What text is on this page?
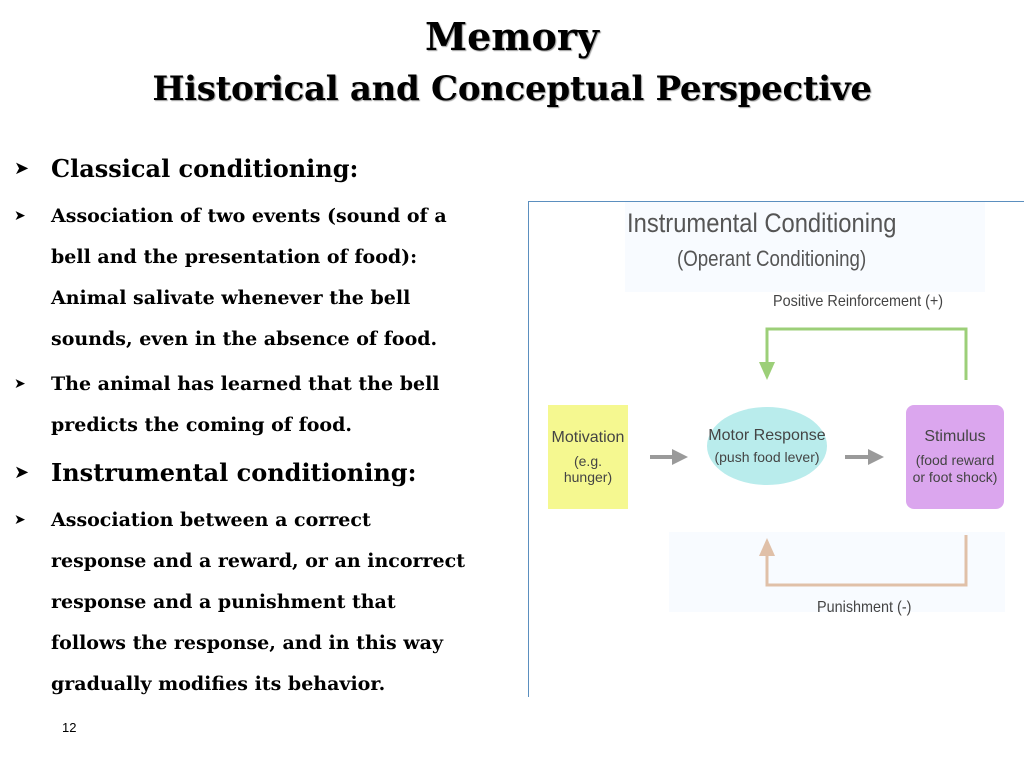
Memory
Historical and Conceptual Perspective
➤ Classical conditioning:
➤	Association of two events (sound of a
bell and the presentation of food):
Animal salivate whenever the bell
sounds, even in the absence of food.
➤	The animal has learned that the bell
predicts the coming of food.
➤ Instrumental conditioning:
➤	Association between a correct
response and a reward, or an incorrect
response and a punishment that
follows the response, and in this way
gradually modifies its behavior.
Instrumental Conditioning
(Operant Conditioning)
Positive Reinforcement (+)
Motivation
(e.g. hunger)
Motor Response
(push food lever)
Stimulus
(food reward
or foot shock)
Punishment (-)
12
